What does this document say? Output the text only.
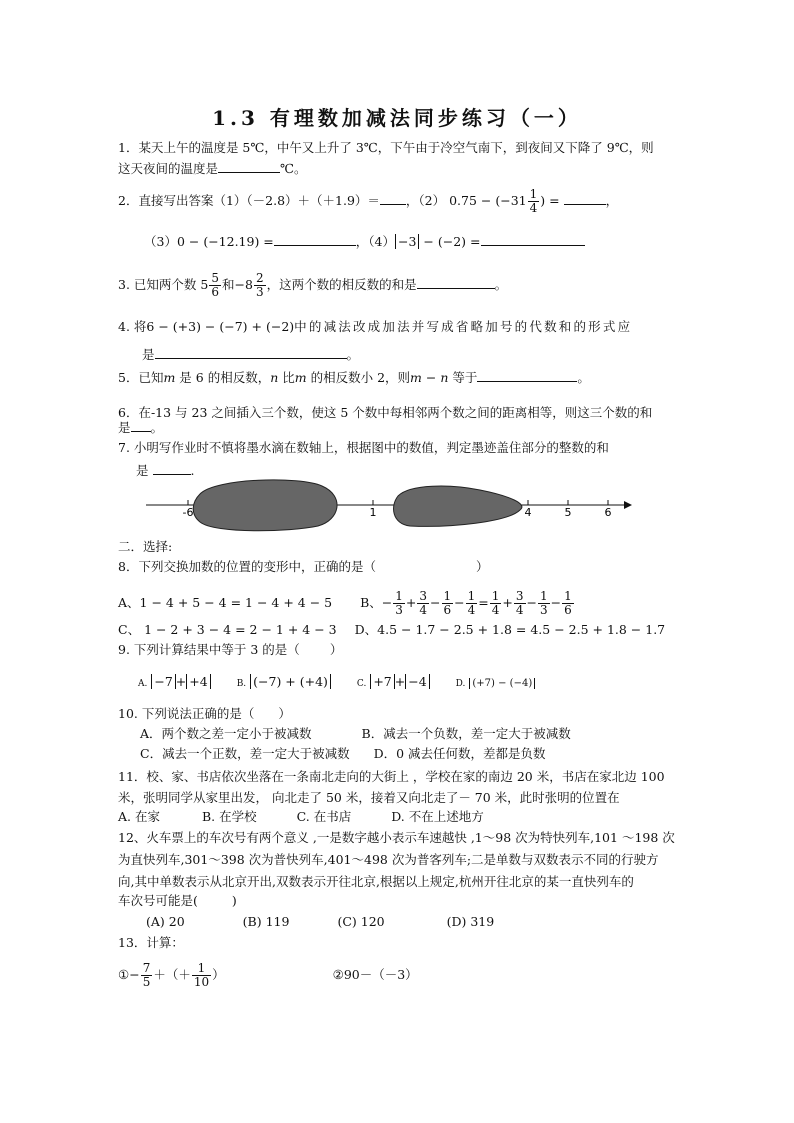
1.3 有理数加减法同步练习（一）
1．某天上午的温度是 5℃，中午又上升了 3℃，下午由于冷空气南下，到夜间又下降了 9℃，则
这天夜间的温度是	℃。
2．直接写出答案（1）（－2.8）＋（＋1.9）＝ ，（2） $0.75 - (-31 \frac{1}{4}$ ) =	，
（3）0 − (−12.19) =	，（4） −3 − (−2) =
3. 已知两个数 $5 \frac{5}{6}$ 和$-8 \frac{2}{3}$ ，这两个数的相反数的和是	。
4. 将6 − (+3) − (−7) + (−2)中的减法改成加法并写成省略加号的代数和的形式应
是	。
5．已知m 是 6 的相反数，n 比m 的相反数小 2，则m − n 等于	。
6．在-13 与 23 之间插入三个数，使这 5 个数中每相邻两个数之间的距离相等，则这三个数的和
是 。
7. 小明写作业时不慎将墨水滴在数轴上，根据图中的数值，判定墨迹盖住部分的整数的和
是	.
-6	1	4	5	6
二．选择:
8．下列交换加数的位置的变形中，正确的是（	）
A、1 − 4 + 5 − 4 = 1 − 4 + 4 − 5 B、− $\frac{1}{3} + \frac{3}{4} - \frac{1}{6} - \frac{1}{4} = \frac{1}{4} + \frac{3}{4} - \frac{1}{3} - \frac{1}{6}$
C、 1 − 2 + 3 − 4 = 2 − 1 + 4 − 3 D、4.5 − 1.7 − 2.5 + 1.8 = 4.5 − 2.5 + 1.8 − 1.7
9. 下列计算结果中等于 3 的是（ ）
A. −7 + +4	B. (−7) + (+4)	C. +7 + −4	D. (+7) − (−4)
10. 下列说法正确的是（ ）
A．两个数之差一定小于被减数	B．减去一个负数，差一定大于被减数
C．减去一个正数，差一定大于被减数 D．0 减去任何数，差都是负数
11．校、家、书店依次坐落在一条南北走向的大街上 ，学校在家的南边 20 米，书店在家北边 100
米，张明同学从家里出发， 向北走了 50 米，接着又向北走了－ 70 米，此时张明的位置在
A. 在家	B. 在学校	C. 在书店	D. 不在上述地方
12、火车票上的车次号有两个意义 ,一是数字越小表示车速越快 ,1～98 次为特快列车,101 ～198 次
为直快列车,301～398 次为普快列车,401～498 次为普客列车;二是单数与双数表示不同的行驶方
向,其中单数表示从北京开出,双数表示开往北京,根据以上规定,杭州开往北京的某一直快列车的
车次号可能是(	)
(A) 20	(B) 119	(C) 120	(D) 319
13．计算：
①− $\frac{7}{5}$ ＋（＋ $\frac{1}{10}$ ）	②90－（－3）
